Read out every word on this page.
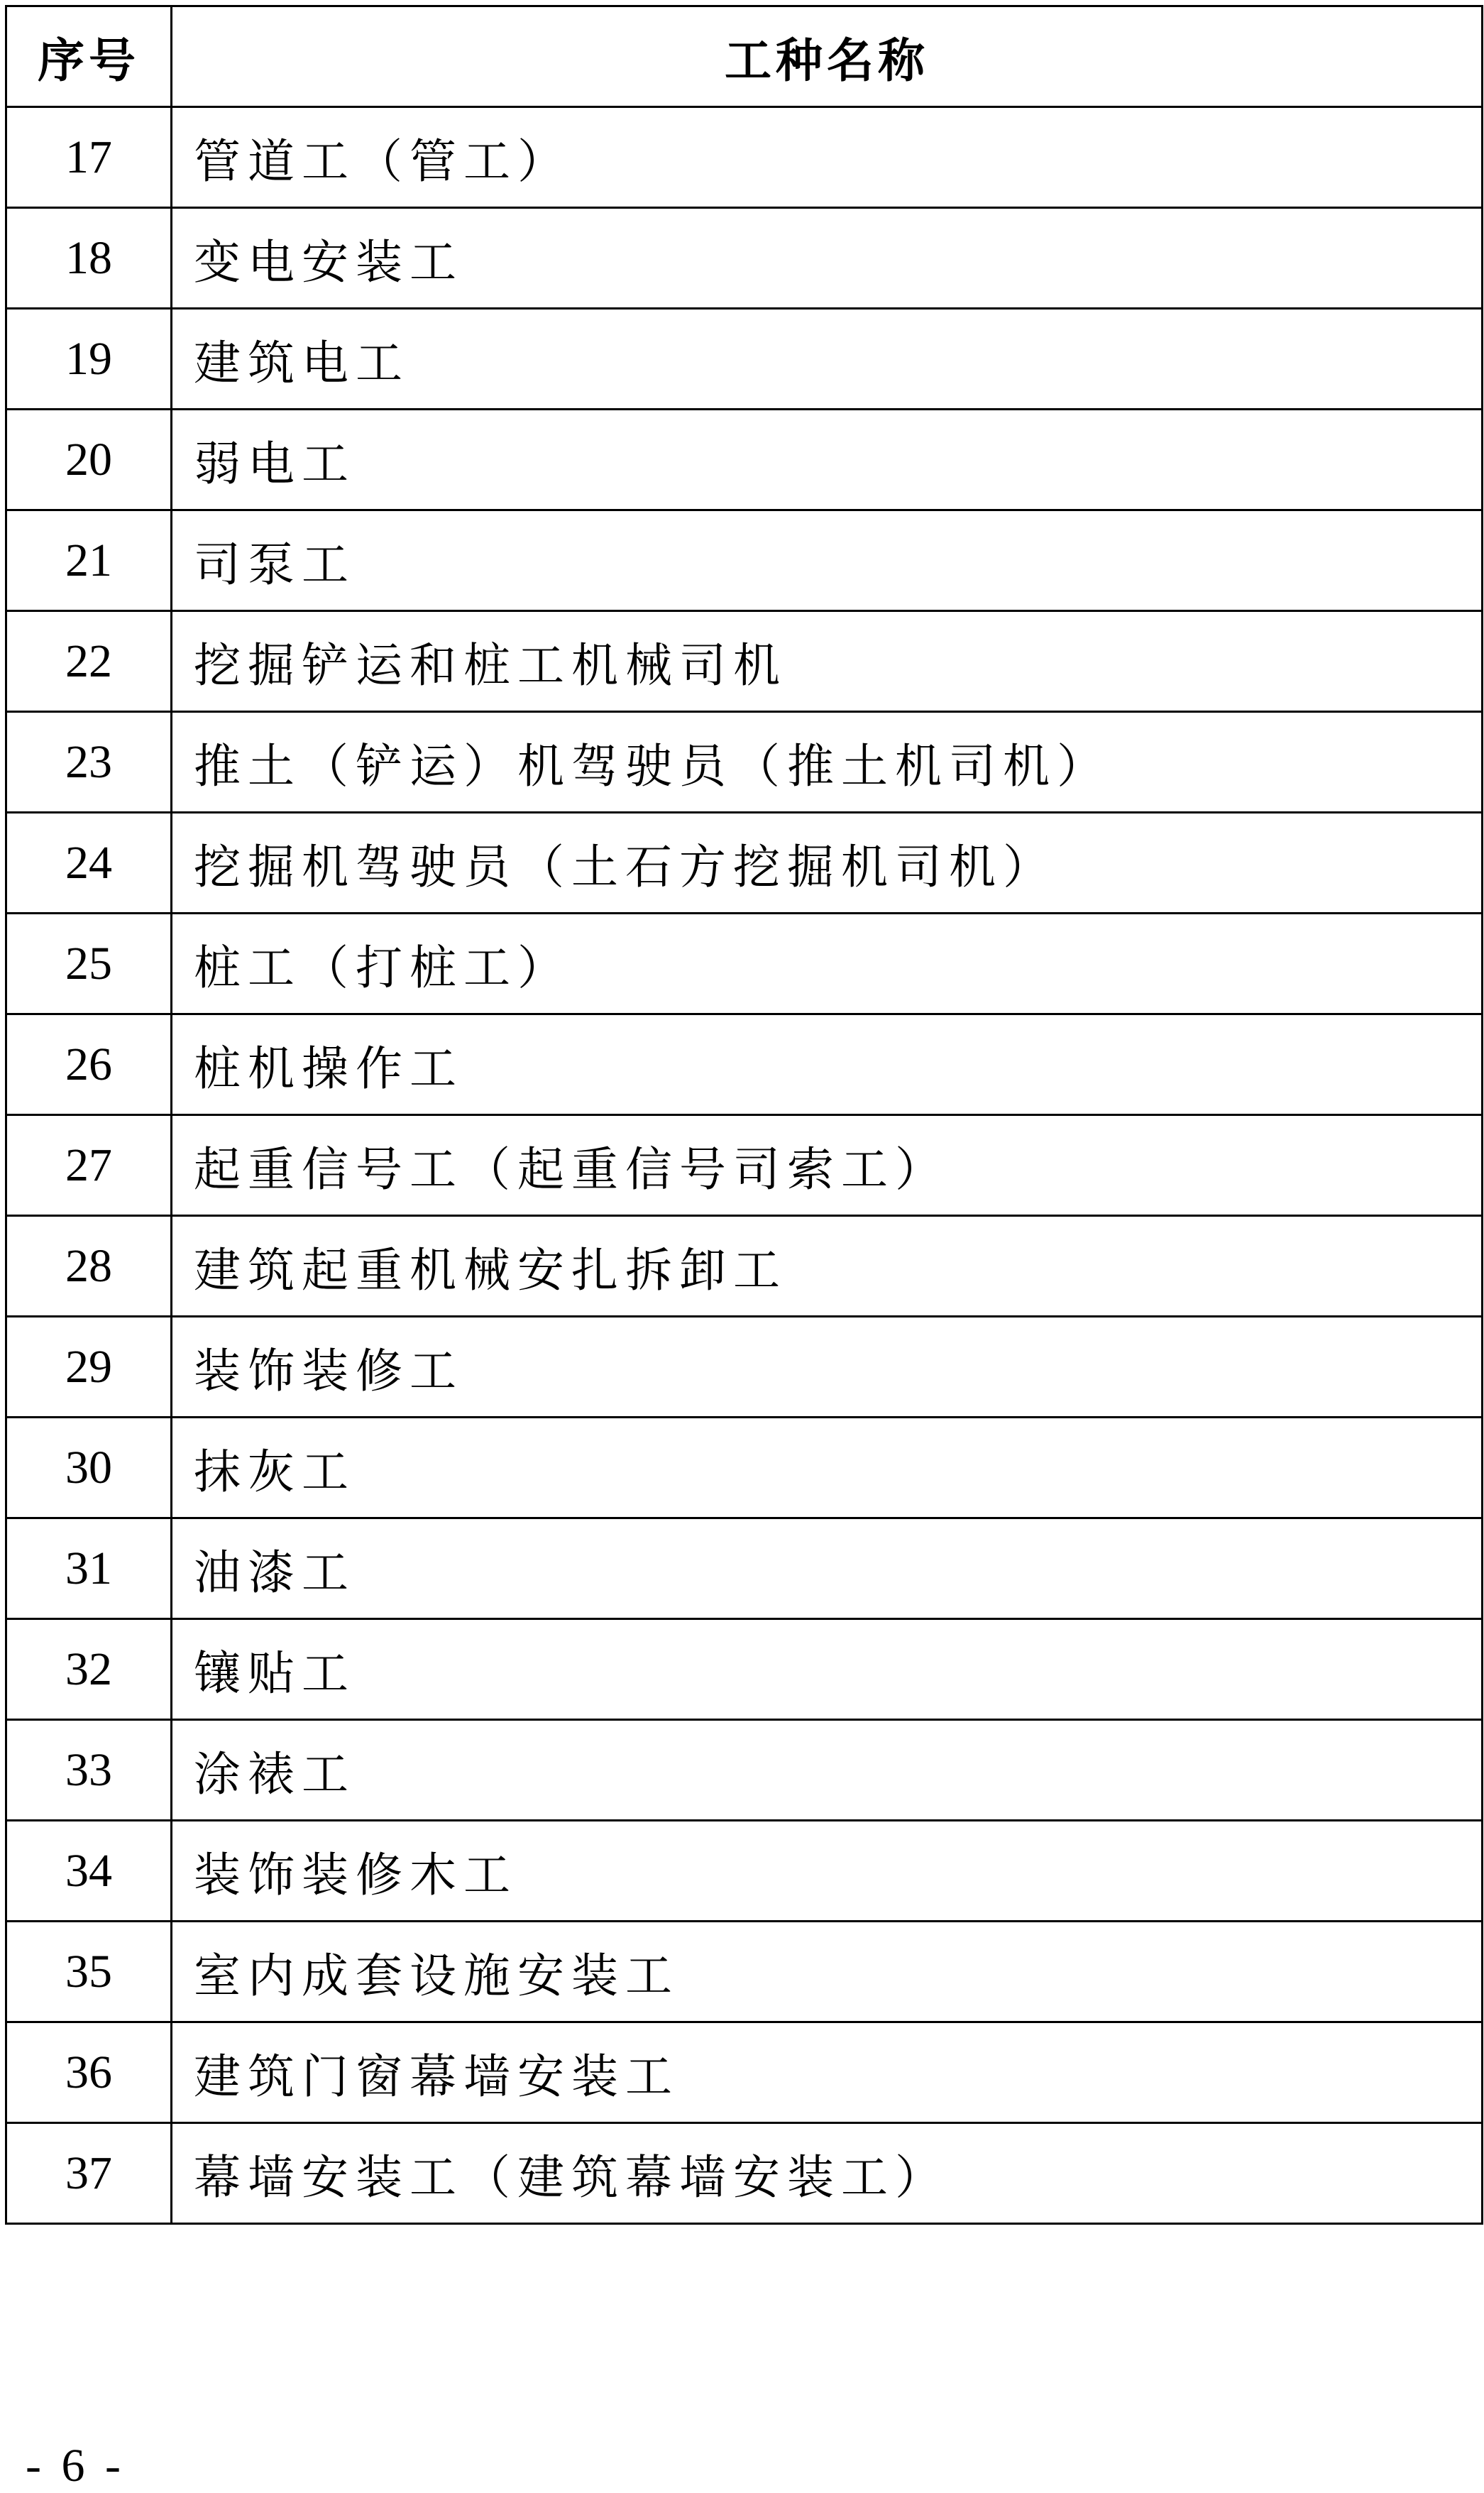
序号	工种名称
17	管道工（管工）
18	变电安装工
19	建筑电工
20	弱电工
21	司泵工
22	挖掘铲运和桩工机械司机
23	推土（铲运）机驾驶员（推土机司机）
24	挖掘机驾驶员（土石方挖掘机司机）
25	桩工（打桩工）
26	桩机操作工
27	起重信号工（起重信号司索工）
28	建筑起重机械安扎拆卸工
29	装饰装修工
30	抹灰工
31	油漆工
32	镶贴工
33	涂裱工
34	装饰装修木工
35	室内成套设施安装工
36	建筑门窗幕墙安装工
37	幕墙安装工（建筑幕墙安装工）
- 6 -
